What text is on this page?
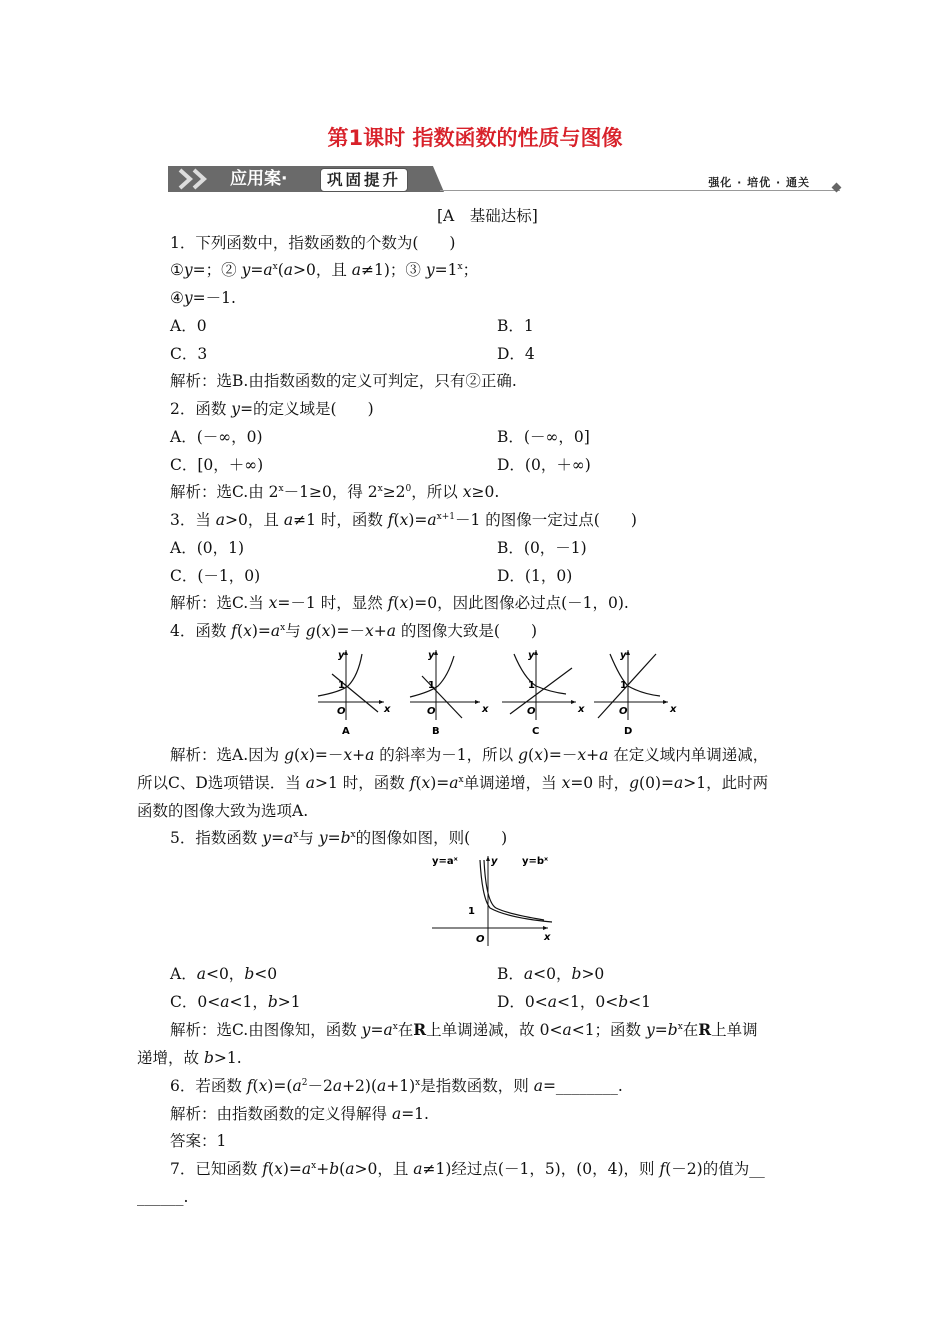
第1课时 指数函数的性质与图像
应用案·	巩固提升	强化 · 培优 · 通关
[A　基础达标]
1．下列函数中，指数函数的个数为(　　)
①y=；② $y=a^x(a>0$，且 a≠1)；③ $y=1^x$；
④y=－1.
A．0	B．1
C．3	D．4
解析：选B.由指数函数的定义可判定，只有②正确.
2．函数 y=的定义域是(　　)
A．(－∞，0)	B．(－∞，0]
C．[0，＋∞)	D．(0，＋∞)
解析：选C.由 $2^x-1\ge 0$，得 $2^x\ge 2^0$，所以 x≥0.
3．当 a>0，且 a≠1 时，函数 $f(x)=a^{x+1}-1$ 的图像一定过点(　　)
A．(0，1)	B．(0，－1)
C．(－1，0)	D．(1，0)
解析：选C.当 x=－1 时，显然 f(x)=0，因此图像必过点(－1，0).
4．函数 $f(x)=a^x$与 g(x)=－x+a 的图像大致是(　　)
y
x
O
1
A
y
x
O
1
B
y
x
O
1
C
y
x
O
1
D
解析：选A.因为 g(x)=－x+a 的斜率为－1，所以 g(x)=－x+a 在定义域内单调递减，
所以C、D选项错误．当 a>1 时，函数 $f(x)=a^x$单调递增，当 x=0 时，g(0)=a>1，此时两
函数的图像大致为选项A.
5．指数函数 $y=a^x$与 $y=b^x$的图像如图，则(　　)
y=aˣ	y=bˣ
y
x
O
1
A．a<0，b<0	B．a<0，b>0
C．0<a<1，b>1	D．0<a<1，0<b<1
解析：选C.由图像知，函数 $y=a^x$在R上单调递减，故 0<a<1；函数 $y=b^x$在R上单调
递增，故 b>1.
6．若函数 $f(x)=(a^2-2a+2)(a+1)^x$是指数函数，则 a=________.
解析：由指数函数的定义得解得 a=1.
答案：1
7．已知函数 $f(x)=a^x+b(a>0$，且 a≠1)经过点(－1，5)，(0，4)，则 f(－2)的值为__
______.
